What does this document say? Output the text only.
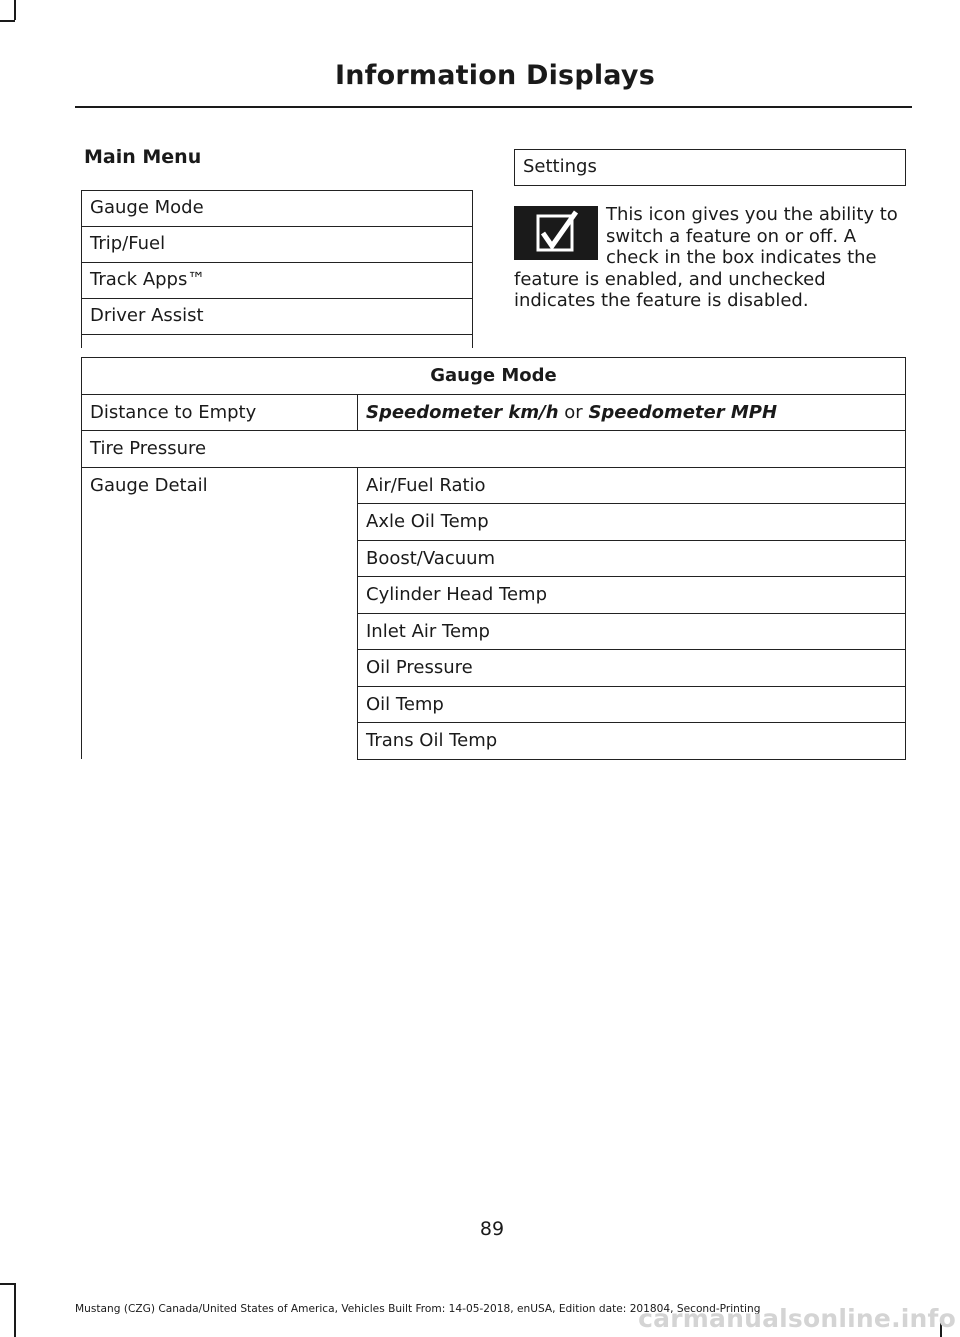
Information Displays
Main Menu
Gauge Mode
Trip/Fuel
Track Apps™
Driver Assist
Settings
This icon gives you the ability to switch a feature on or off. A check in the box indicates the feature is enabled, and unchecked indicates the feature is disabled.
Gauge Mode	
Distance to Empty	Speedometer km/h or Speedometer MPH
Tire Pressure	
Gauge Detail	Air/Fuel Ratio
	Axle Oil Temp
	Boost/Vacuum
	Cylinder Head Temp
	Inlet Air Temp
	Oil Pressure
	Oil Temp
	Trans Oil Temp
89
Mustang (CZG) Canada/United States of America, Vehicles Built From: 14-05-2018, enUSA, Edition date: 201804, Second-Printing
carmanualsonline.info
